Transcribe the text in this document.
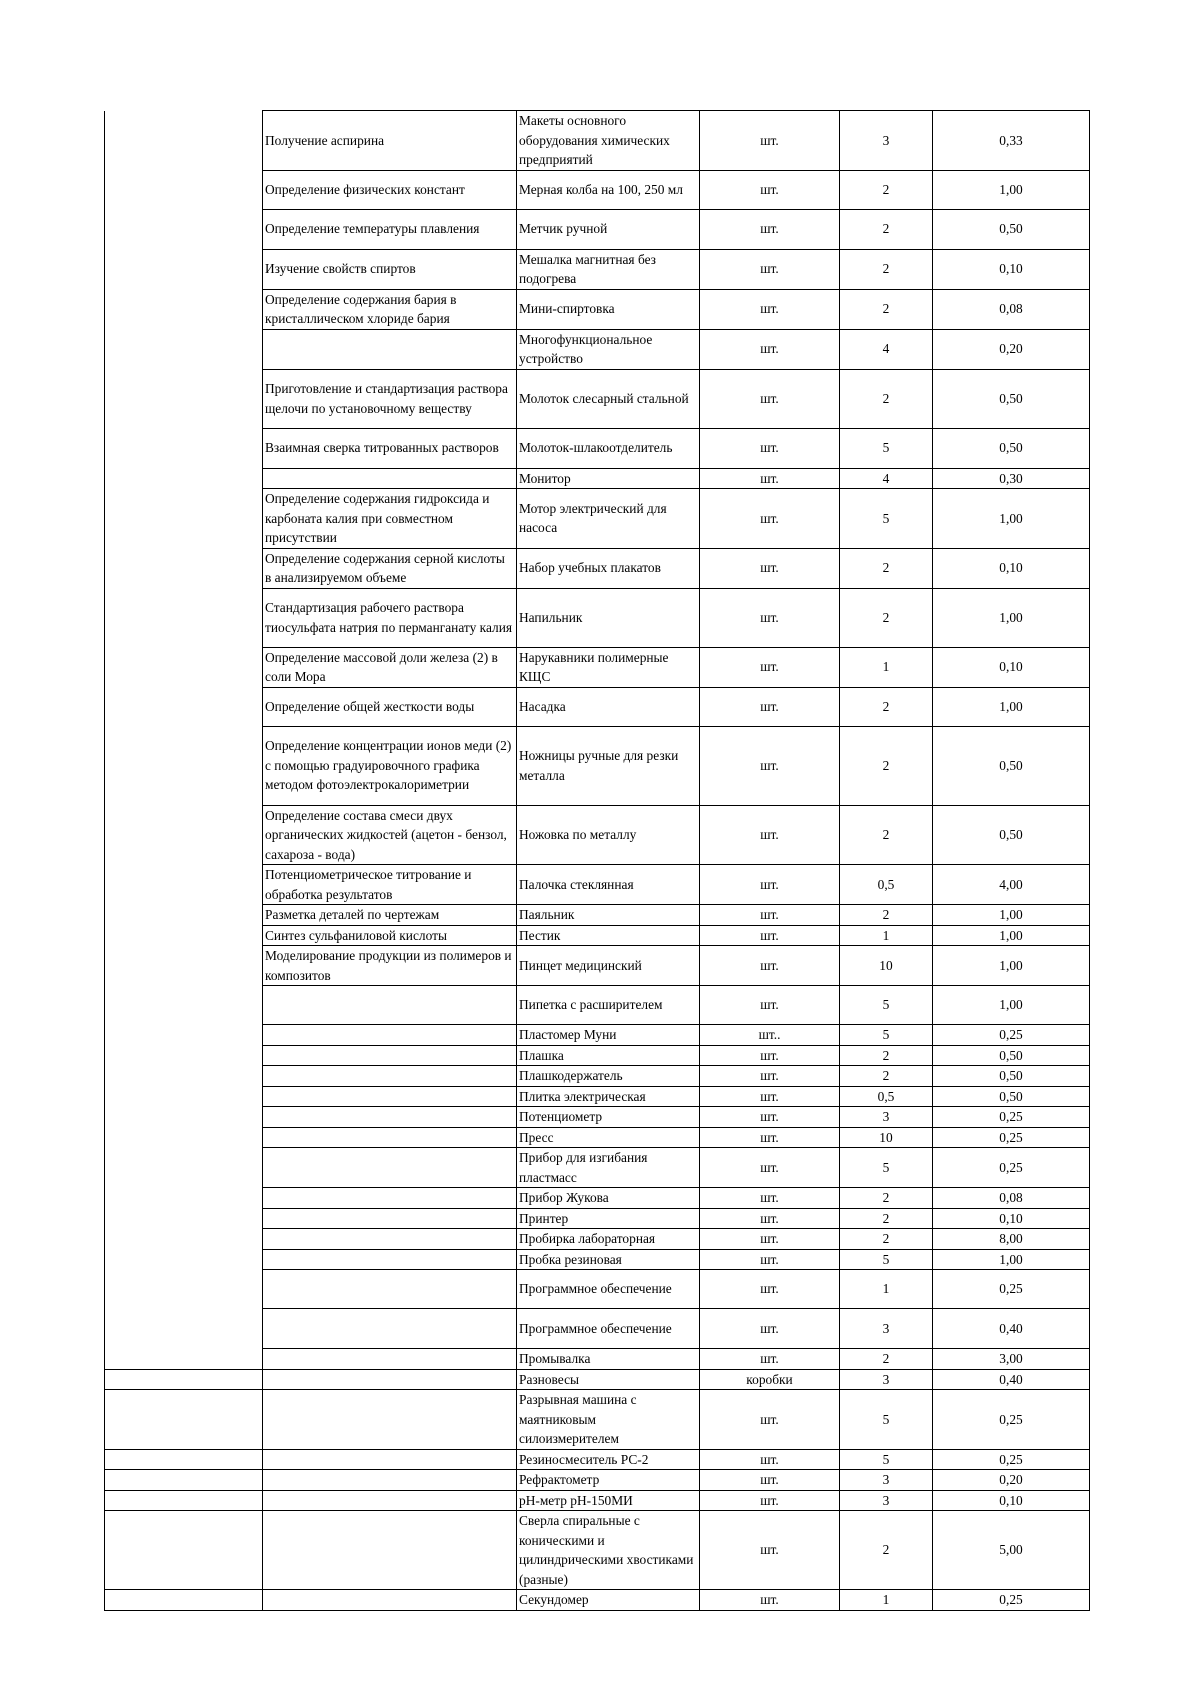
	Получение аспирина	Макеты основного оборудования химических предприятий	шт.	3	0,33
	Определение физических констант	Мерная колба на 100, 250 мл	шт.	2	1,00
	Определение температуры плавления	Метчик ручной	шт.	2	0,50
	Изучение свойств спиртов	Мешалка магнитная без подогрева	шт.	2	0,10
	Определение содержания бария в кристаллическом хлориде бария	Мини-спиртовка	шт.	2	0,08
		Многофункциональное устройство	шт.	4	0,20
	Приготовление и стандартизация раствора щелочи по установочному веществу	Молоток слесарный стальной	шт.	2	0,50
	Взаимная сверка титрованных растворов	Молоток-шлакоотделитель	шт.	5	0,50
		Монитор	шт.	4	0,30
	Определение содержания гидроксида и карбоната калия при совместном присутствии	Мотор электрический для насоса	шт.	5	1,00
	Определение содержания серной кислоты в анализируемом объеме	Набор учебных плакатов	шт.	2	0,10
	Стандартизация рабочего раствора тиосульфата натрия по перманганату калия	Напильник	шт.	2	1,00
	Определение массовой доли железа (2) в соли Мора	Нарукавники полимерные КЩС	шт.	1	0,10
	Определение общей жесткости воды	Насадка	шт.	2	1,00
	Определение концентрации ионов меди (2) с помощью градуировочного графика методом фотоэлектрокалориметрии	Ножницы ручные для резки металла	шт.	2	0,50
	Определение состава смеси двух органических жидкостей (ацетон - бензол, сахароза - вода)	Ножовка по металлу	шт.	2	0,50
	Потенциометрическое титрование и обработка результатов	Палочка стеклянная	шт.	0,5	4,00
	Разметка деталей по чертежам	Паяльник	шт.	2	1,00
	Синтез сульфаниловой кислоты	Пестик	шт.	1	1,00
	Моделирование продукции из полимеров и композитов	Пинцет медицинский	шт.	10	1,00
		Пипетка с расширителем	шт.	5	1,00
		Пластомер Муни	шт..	5	0,25
		Плашка	шт.	2	0,50
		Плашкодержатель	шт.	2	0,50
		Плитка электрическая	шт.	0,5	0,50
		Потенциометр	шт.	3	0,25
		Пресс	шт.	10	0,25
		Прибор для изгибания пластмасс	шт.	5	0,25
		Прибор Жукова	шт.	2	0,08
		Принтер	шт.	2	0,10
		Пробирка лабораторная	шт.	2	8,00
		Пробка резиновая	шт.	5	1,00
		Программное обеспечение	шт.	1	0,25
		Программное обеспечение	шт.	3	0,40
		Промывалка	шт.	2	3,00
		Разновесы	коробки	3	0,40
		Разрывная машина с маятниковым силоизмерителем	шт.	5	0,25
		Резиносмеситель РС-2	шт.	5	0,25
		Рефрактометр	шт.	3	0,20
		рН-метр рН-150МИ	шт.	3	0,10
		Сверла спиральные с коническими и цилиндрическими хвостиками (разные)	шт.	2	5,00
		Секундомер	шт.	1	0,25
